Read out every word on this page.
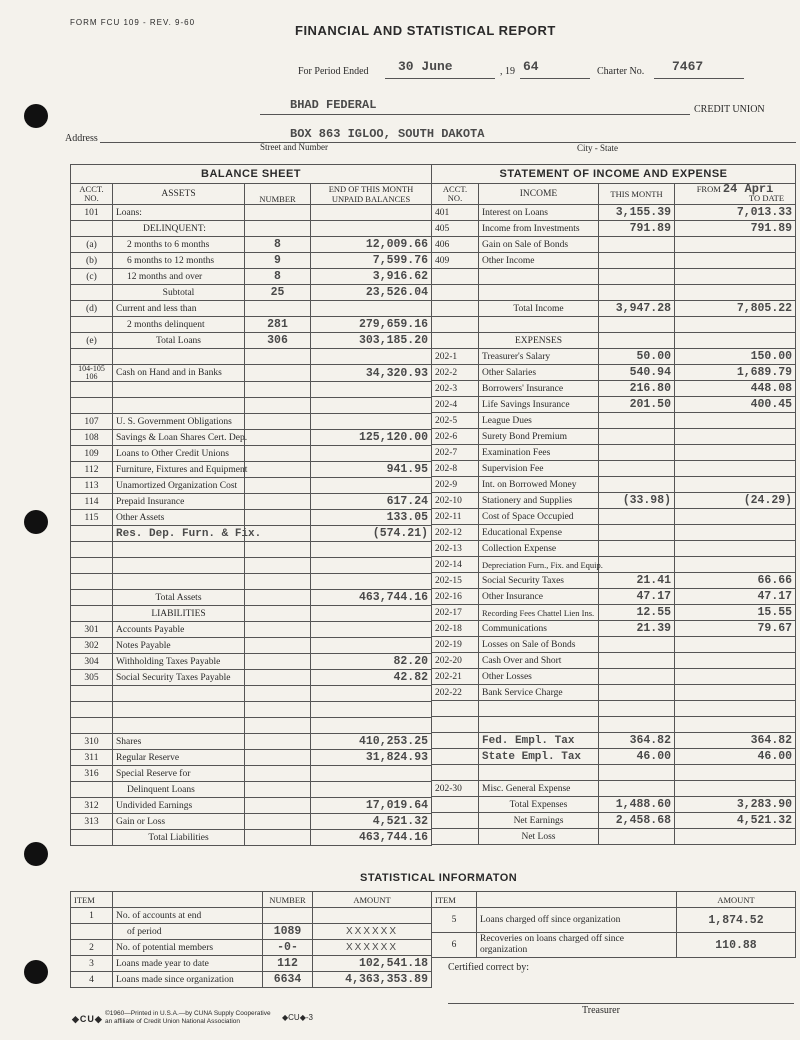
FORM FCU 109 - REV. 9-60
FINANCIAL AND STATISTICAL REPORT
For Period Ended 30 June	, 19 64	Charter No. 7467
BHAD FEDERAL	CREDIT UNION
Address	BOX 863 IGLOO, SOUTH DAKOTA
Street and Number	City - State
BALANCE SHEET			
ACCT. NO.	ASSETS	NUMBER	END OF THIS MONTH
UNPAID BALANCES

101	Loans:		
	DELINQUENT:		
(a)	2 months to 6 months	8	12,009.66
(b)	6 months to 12 months	9	7,599.76
(c)	12 months and over	8	3,916.62
	Subtotal	25	23,526.04
(d)	Current and less than		
	2 months delinquent	281	279,659.16
(e)	Total Loans	306	303,185.20

104-105 106	Cash on Hand and in Banks		34,320.93

107	U. S. Government Obligations		
108	Savings & Loan Shares Cert. Dep.		125,120.00
109	Loans to Other Credit Unions		
112	Furniture, Fixtures and Equipment		941.95
113	Unamortized Organization Cost		
114	Prepaid Insurance		617.24
115	Other Assets		133.05
	Res. Dep. Furn. & Fix.		(574.21)

	Total Assets		463,744.16
	LIABILITIES		
301	Accounts Payable		
302	Notes Payable		
304	Withholding Taxes Payable		82.20
305	Social Security Taxes Payable		42.82

310	Shares		410,253.25
311	Regular Reserve		31,824.93
316	Special Reserve for		
	Delinquent Loans		
312	Undivided Earnings		17,019.64
313	Gain or Loss		4,521.32
	Total Liabilities		463,744.16
STATEMENT OF INCOME AND EXPENSE			
ACCT. NO.	INCOME	THIS MONTH	FROM 24 Apri
TO DATE

401	Interest on Loans	3,155.39	7,013.33
405	Income from Investments	791.89	791.89
406	Gain on Sale of Bonds		
409	Other Income		

	Total Income	3,947.28	7,805.22

	EXPENSES		
202-1	Treasurer's Salary	50.00	150.00
202-2	Other Salaries	540.94	1,689.79
202-3	Borrowers' Insurance	216.80	448.08
202-4	Life Savings Insurance	201.50	400.45
202-5	League Dues		
202-6	Surety Bond Premium		
202-7	Examination Fees		
202-8	Supervision Fee		
202-9	Int. on Borrowed Money		
202-10	Stationery and Supplies	(33.98)	(24.29)
202-11	Cost of Space Occupied		
202-12	Educational Expense		
202-13	Collection Expense		
202-14	Depreciation Furn., Fix. and Equip.		
202-15	Social Security Taxes	21.41	66.66
202-16	Other Insurance	47.17	47.17
202-17	Recording Fees Chattel Lien Ins.	12.55	15.55
202-18	Communications	21.39	79.67
202-19	Losses on Sale of Bonds		
202-20	Cash Over and Short		
202-21	Other Losses		
202-22	Bank Service Charge		

	Fed. Empl. Tax	364.82	364.82
	State Empl. Tax	46.00	46.00

202-30	Misc. General Expense		
	Total Expenses	1,488.60	3,283.90
	Net Earnings	2,458.68	4,521.32
	Net Loss		
STATISTICAL INFORMATON
ITEM		NUMBER	AMOUNT
1	No. of accounts at end		
	of period	1089	XXXXXX
2	No. of potential members	-0-	XXXXXX
3	Loans made year to date	112	102,541.18
4	Loans made since organization	6634	4,363,353.89
ITEM		AMOUNT
5	Loans charged off since organization	1,874.52
6	Recoveries on loans charged off since organization	110.88
Certified correct by:
Treasurer
◆CU◆
©1960—Printed in U.S.A.—by CUNA Supply Cooperative
an affiliate of Credit Union National Association	◆CU◆-3
